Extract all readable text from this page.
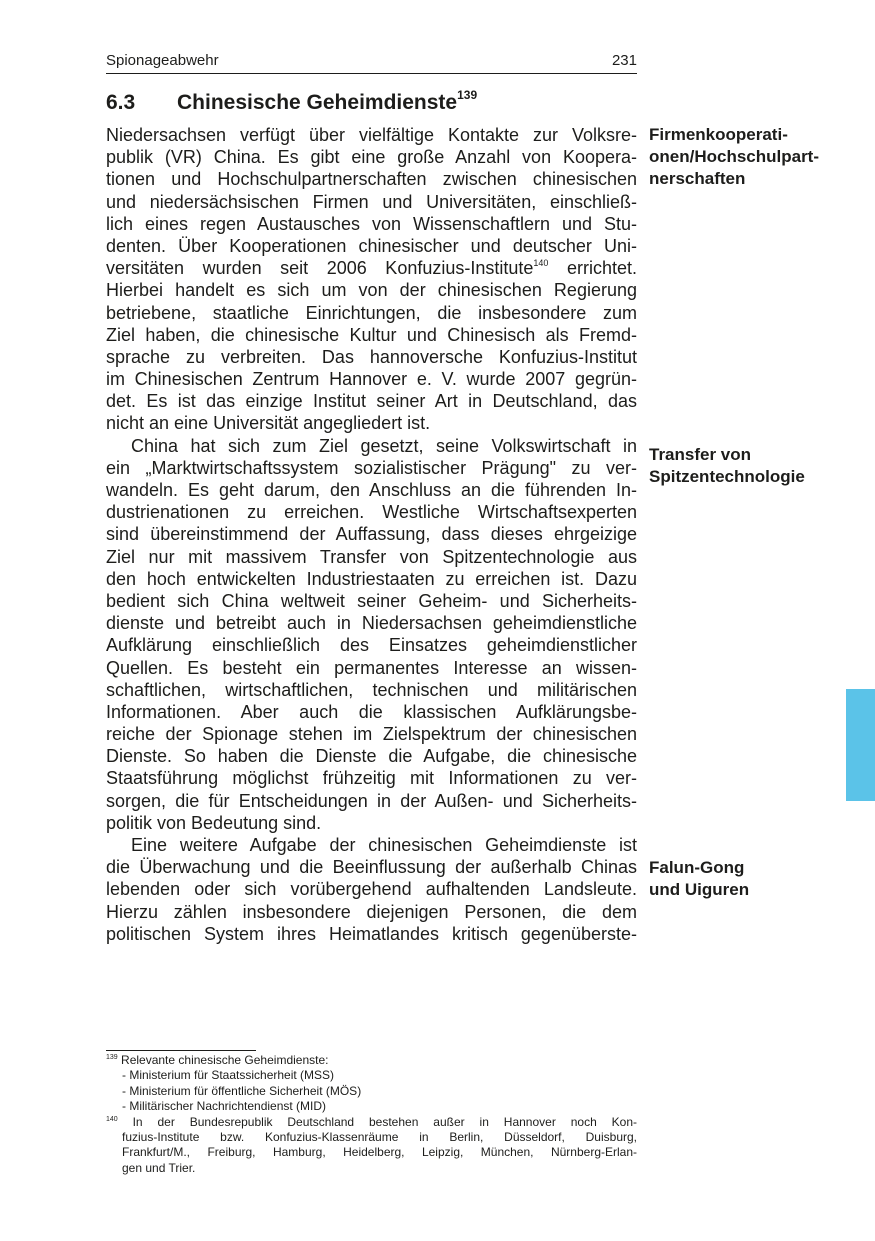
Spionageabwehr	231
6.3 Chinesische Geheimdienste$^{139}$
Niedersachsen verfügt über vielfältige Kontakte zur Volksre-
publik (VR) China. Es gibt eine große Anzahl von Koopera-
tionen und Hochschulpartnerschaften zwischen chinesischen
und niedersächsischen Firmen und Universitäten, einschließ-
lich eines regen Austausches von Wissenschaftlern und Stu-
denten. Über Kooperationen chinesischer und deutscher Uni-
versitäten wurden seit 2006 Konfuzius-Institute$^{140}$ errichtet.
Hierbei handelt es sich um von der chinesischen Regierung
betriebene, staatliche Einrichtungen, die insbesondere zum
Ziel haben, die chinesische Kultur und Chinesisch als Fremd-
sprache zu verbreiten. Das hannoversche Konfuzius-Institut
im Chinesischen Zentrum Hannover e. V. wurde 2007 gegrün-
det. Es ist das einzige Institut seiner Art in Deutschland, das
nicht an eine Universität angegliedert ist.
China hat sich zum Ziel gesetzt, seine Volkswirtschaft in
ein „Marktwirtschaftssystem sozialistischer Prägung" zu ver-
wandeln. Es geht darum, den Anschluss an die führenden In-
dustrienationen zu erreichen. Westliche Wirtschaftsexperten
sind übereinstimmend der Auffassung, dass dieses ehrgeizige
Ziel nur mit massivem Transfer von Spitzentechnologie aus
den hoch entwickelten Industriestaaten zu erreichen ist. Dazu
bedient sich China weltweit seiner Geheim- und Sicherheits-
dienste und betreibt auch in Niedersachsen geheimdienstliche
Aufklärung einschließlich des Einsatzes geheimdienstlicher
Quellen. Es besteht ein permanentes Interesse an wissen-
schaftlichen, wirtschaftlichen, technischen und militärischen
Informationen. Aber auch die klassischen Aufklärungsbe-
reiche der Spionage stehen im Zielspektrum der chinesischen
Dienste. So haben die Dienste die Aufgabe, die chinesische
Staatsführung möglichst frühzeitig mit Informationen zu ver-
sorgen, die für Entscheidungen in der Außen- und Sicherheits-
politik von Bedeutung sind.
Eine weitere Aufgabe der chinesischen Geheimdienste ist
die Überwachung und die Beeinflussung der außerhalb Chinas
lebenden oder sich vorübergehend aufhaltenden Landsleute.
Hierzu zählen insbesondere diejenigen Personen, die dem
politischen System ihres Heimatlandes kritisch gegenüberste-
Firmenkooperati-
onen/Hochschulpart-
nerschaften
Transfer von
Spitzentechnologie
Falun-Gong
und Uiguren
$^{139}$ Relevante chinesische Geheimdienste:
- Ministerium für Staatssicherheit (MSS)
- Ministerium für öffentliche Sicherheit (MÖS)
- Militärischer Nachrichtendienst (MID)
$^{140}$ In der Bundesrepublik Deutschland bestehen außer in Hannover noch Kon-
fuzius-Institute bzw. Konfuzius-Klassenräume in Berlin, Düsseldorf, Duisburg,
Frankfurt/M., Freiburg, Hamburg, Heidelberg, Leipzig, München, Nürnberg-Erlan-
gen und Trier.
